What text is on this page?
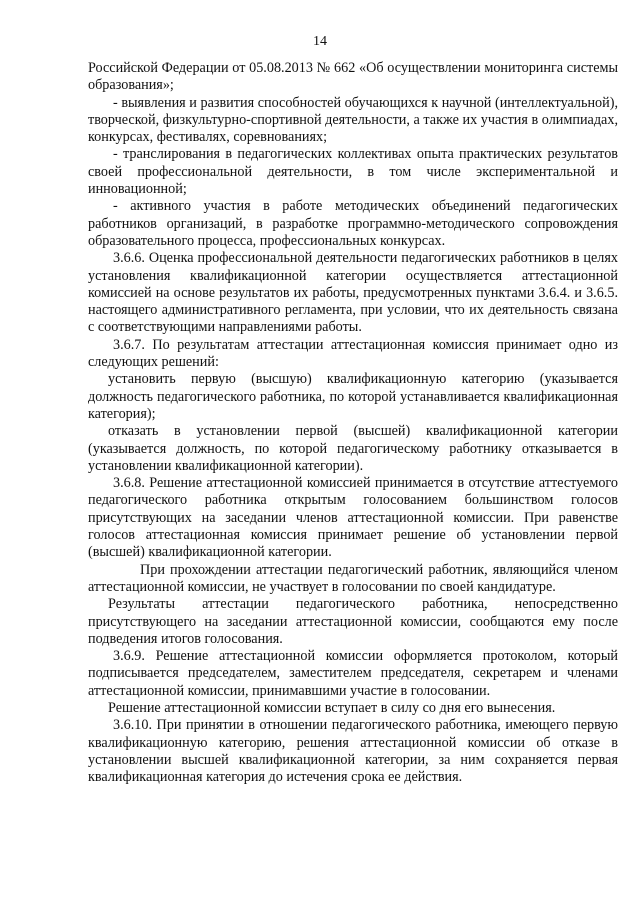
14

Российской Федерации от 05.08.2013 № 662 «Об осуществлении мониторинга системы образования»;

- выявления и развития способностей обучающихся к научной (интеллектуальной), творческой, физкультурно-спортивной деятельности, а также их участия в олимпиадах, конкурсах, фестивалях, соревнованиях;

- транслирования в педагогических коллективах опыта практических результатов своей профессиональной деятельности, в том числе экспериментальной и инновационной;

- активного участия в работе методических объединений педагогических работников организаций, в разработке программно-методического сопровождения образовательного процесса, профессиональных конкурсах.

3.6.6. Оценка профессиональной деятельности педагогических работников в целях установления квалификационной категории осуществляется аттестационной комиссией на основе результатов их работы, предусмотренных пунктами 3.6.4. и 3.6.5. настоящего административного регламента, при условии, что их деятельность связана с соответствующими направлениями работы.

3.6.7. По результатам аттестации аттестационная комиссия принимает одно из следующих решений:

установить первую (высшую) квалификационную категорию (указывается должность педагогического работника, по которой устанавливается квалификационная категория);

отказать в установлении первой (высшей) квалификационной категории (указывается должность, по которой педагогическому работнику отказывается в установлении квалификационной категории).

3.6.8. Решение аттестационной комиссией принимается в отсутствие аттестуемого педагогического работника открытым голосованием большинством голосов присутствующих на заседании членов аттестационной комиссии. При равенстве голосов аттестационная комиссия принимает решение об установлении первой (высшей) квалификационной категории.

При прохождении аттестации педагогический работник, являющийся членом аттестационной комиссии, не участвует в голосовании по своей кандидатуре.

Результаты аттестации педагогического работника, непосредственно присутствующего на заседании аттестационной комиссии, сообщаются ему после подведения итогов голосования.

3.6.9. Решение аттестационной комиссии оформляется протоколом, который подписывается председателем, заместителем председателя, секретарем и членами аттестационной комиссии, принимавшими участие в голосовании.

Решение аттестационной комиссии вступает в силу со дня его вынесения.

3.6.10. При принятии в отношении педагогического работника, имеющего первую квалификационную категорию, решения аттестационной комиссии об отказе в установлении высшей квалификационной категории, за ним сохраняется первая квалификационная категория до истечения срока ее действия.
